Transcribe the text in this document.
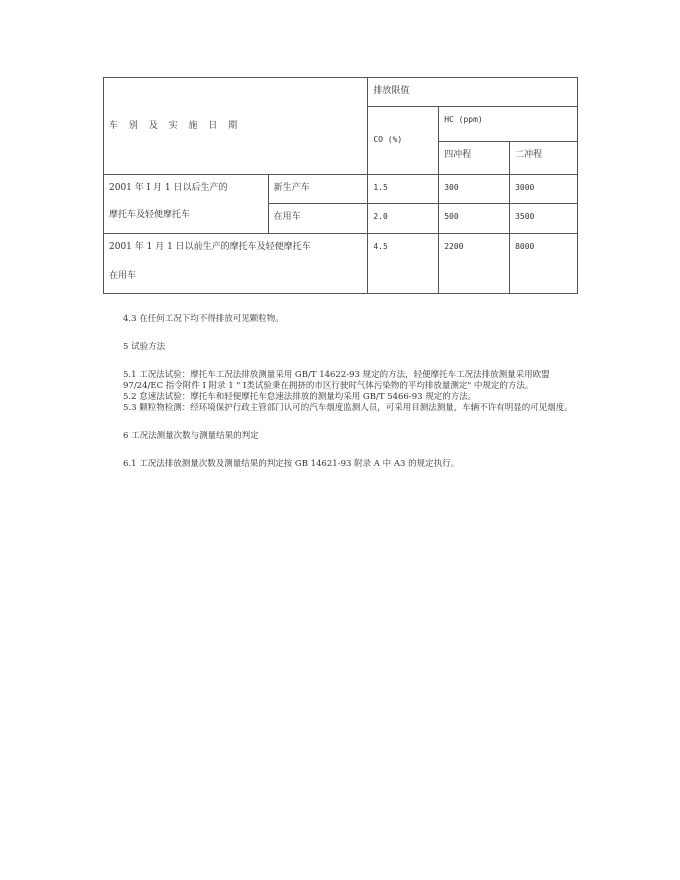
车 别 及 实 施 日 期		排放限值		
		CO (%)	HC (ppm)	
			四冲程	二冲程

2001 年 I 月 1 日以后生产的
摩托车及轻便摩托车	新生产车	1.5	300	3000
	在用车	2.0	500	3500

2001 年 1 月 1 日以前生产的摩托车及轻便摩托车
在用车		4.5	2200	8000

4.3 在任何工况下均不得排放可见颗粒物。

5 试验方法

5.1 工况法试验：摩托车工况法排放测量采用 GB/T 14622-93 规定的方法，轻便摩托车工况法排放测量采用欧盟 97/24/EC 指令附件 I 附录 1 " Ⅰ类试验秉在拥挤的市区行驶时气体污染物的平均排放量测定" 中规定的方法。

5.2 怠速法试验：摩托车和轻便摩托车怠速法排放的测量均采用 GB/T 5466-93 规定的方法。

5.3 颗粒物检测：经环境保护行政主管部门认可的汽车烟度监测人员，可采用目测法测量，车辆不许有明显的可见烟度。

6 工况法测量次数与测量结果的判定

6.1 工况法排放测量次数及测量结果的判定按 GB 14621-93 附录 A 中 A3 的规定执行。
